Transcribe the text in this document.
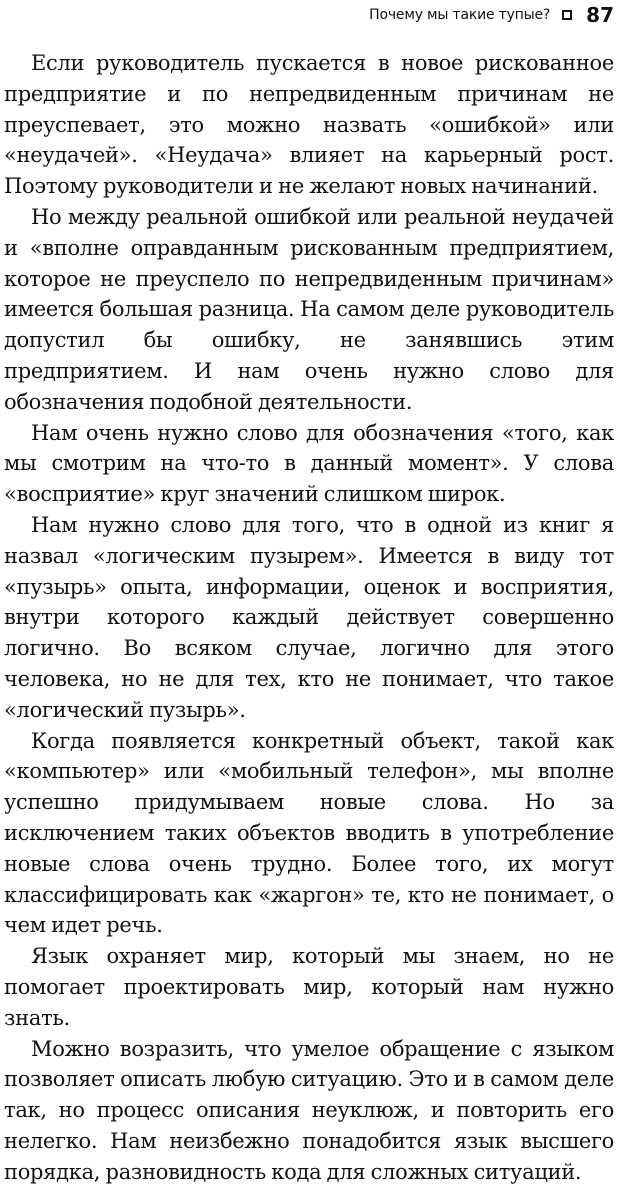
Почему мы такие тупые? 87

Если руководитель пускается в новое рискованное предприятие и по непредвиденным причинам не преуспевает, это можно назвать «ошибкой» или «неудачей». «Неудача» влияет на карьерный рост. Поэтому руководители и не желают новых начинаний.

Но между реальной ошибкой или реальной неудачей и «вполне оправданным рискованным предприятием, которое не преуспело по непредвиденным причинам» имеется большая разница. На самом деле руководитель допустил бы ошибку, не занявшись этим предприятием. И нам очень нужно слово для обозначения подобной деятельности.

Нам очень нужно слово для обозначения «того, как мы смотрим на что-то в данный момент». У слова «восприятие» круг значений слишком широк.

Нам нужно слово для того, что в одной из книг я назвал «логическим пузырем». Имеется в виду тот «пузырь» опыта, информации, оценок и восприятия, внутри которого каждый действует совершенно логично. Во всяком случае, логично для этого человека, но не для тех, кто не понимает, что такое «логический пузырь».

Когда появляется конкретный объект, такой как «компьютер» или «мобильный телефон», мы вполне успешно придумываем новые слова. Но за исключением таких объектов вводить в употребление новые слова очень трудно. Более того, их могут классифицировать как «жаргон» те, кто не понимает, о чем идет речь.

Язык охраняет мир, который мы знаем, но не помогает проектировать мир, который нам нужно знать.

Можно возразить, что умелое обращение с языком позволяет описать любую ситуацию. Это и в самом деле так, но процесс описания неуклюж, и повторить его нелегко. Нам неизбежно понадобится язык высшего порядка, разновидность кода для сложных ситуаций.
